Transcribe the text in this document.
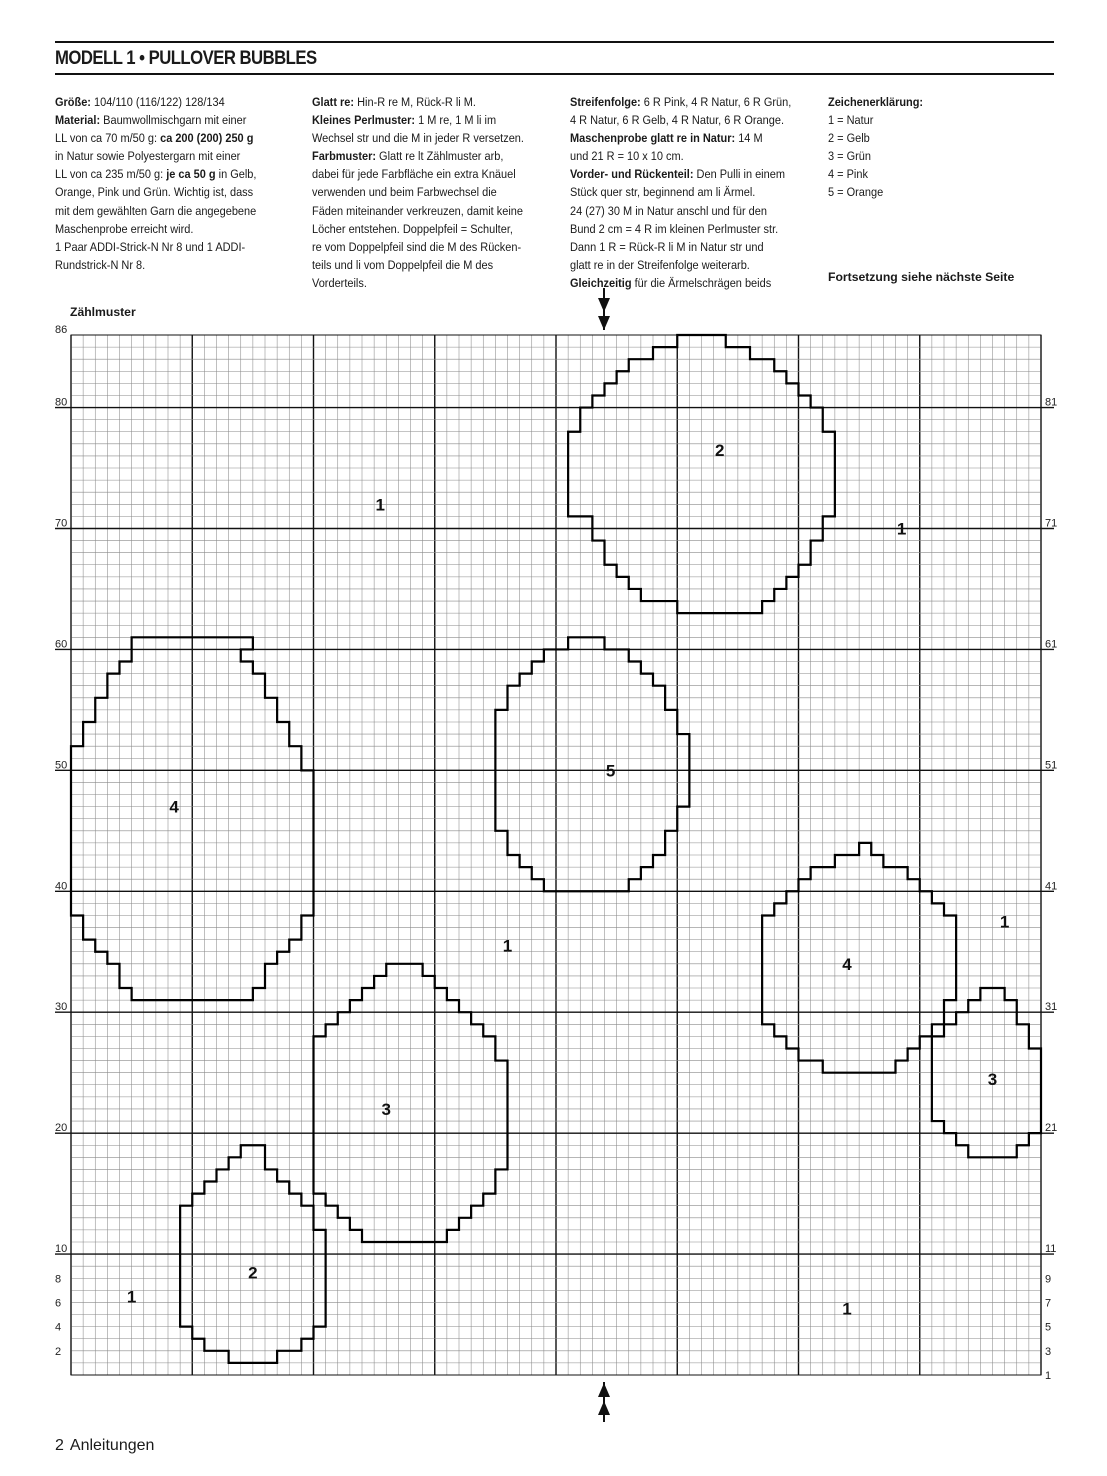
MODELL 1 • PULLOVER BUBBLES
Größe: 104/110 (116/122) 128/134
Material: Baumwollmischgarn mit einer
LL von ca 70 m/50 g: ca 200 (200) 250 g
in Natur sowie Polyestergarn mit einer
LL von ca 235 m/50 g: je ca 50 g in Gelb,
Orange, Pink und Grün. Wichtig ist, dass
mit dem gewählten Garn die angegebene
Maschenprobe erreicht wird.
1 Paar ADDI-Strick-N Nr 8 und 1 ADDI-
Rundstrick-N Nr 8.
Glatt re: Hin-R re M, Rück-R li M.
Kleines Perlmuster: 1 M re, 1 M li im
Wechsel str und die M in jeder R versetzen.
Farbmuster: Glatt re lt Zählmuster arb,
dabei für jede Farbfläche ein extra Knäuel
verwenden und beim Farbwechsel die
Fäden miteinander verkreuzen, damit keine
Löcher entstehen. Doppelpfeil = Schulter,
re vom Doppelpfeil sind die M des Rücken-
teils und li vom Doppelpfeil die M des
Vorderteils.
Streifenfolge: 6 R Pink, 4 R Natur, 6 R Grün,
4 R Natur, 6 R Gelb, 4 R Natur, 6 R Orange.
Maschenprobe glatt re in Natur: 14 M
und 21 R = 10 x 10 cm.
Vorder- und Rückenteil: Den Pulli in einem
Stück quer str, beginnend am li Ärmel.
24 (27) 30 M in Natur anschl und für den
Bund 2 cm = 4 R im kleinen Perlmuster str.
Dann 1 R = Rück-R li M in Natur str und
glatt re in der Streifenfolge weiterarb.
Gleichzeitig für die Ärmelschrägen beids
Zeichenerklärung:
1 = Natur
2 = Gelb
3 = Grün
4 = Pink
5 = Orange
Fortsetzung siehe nächste Seite
Zählmuster
86
80
70
60
50
40
30
20
10
8
6
4
2
81
71
61
51
41
31
21
11
9
7
5
3
1
2
1
1
4
5
1
4
1
3
3
2
1
1
2 Anleitungen
